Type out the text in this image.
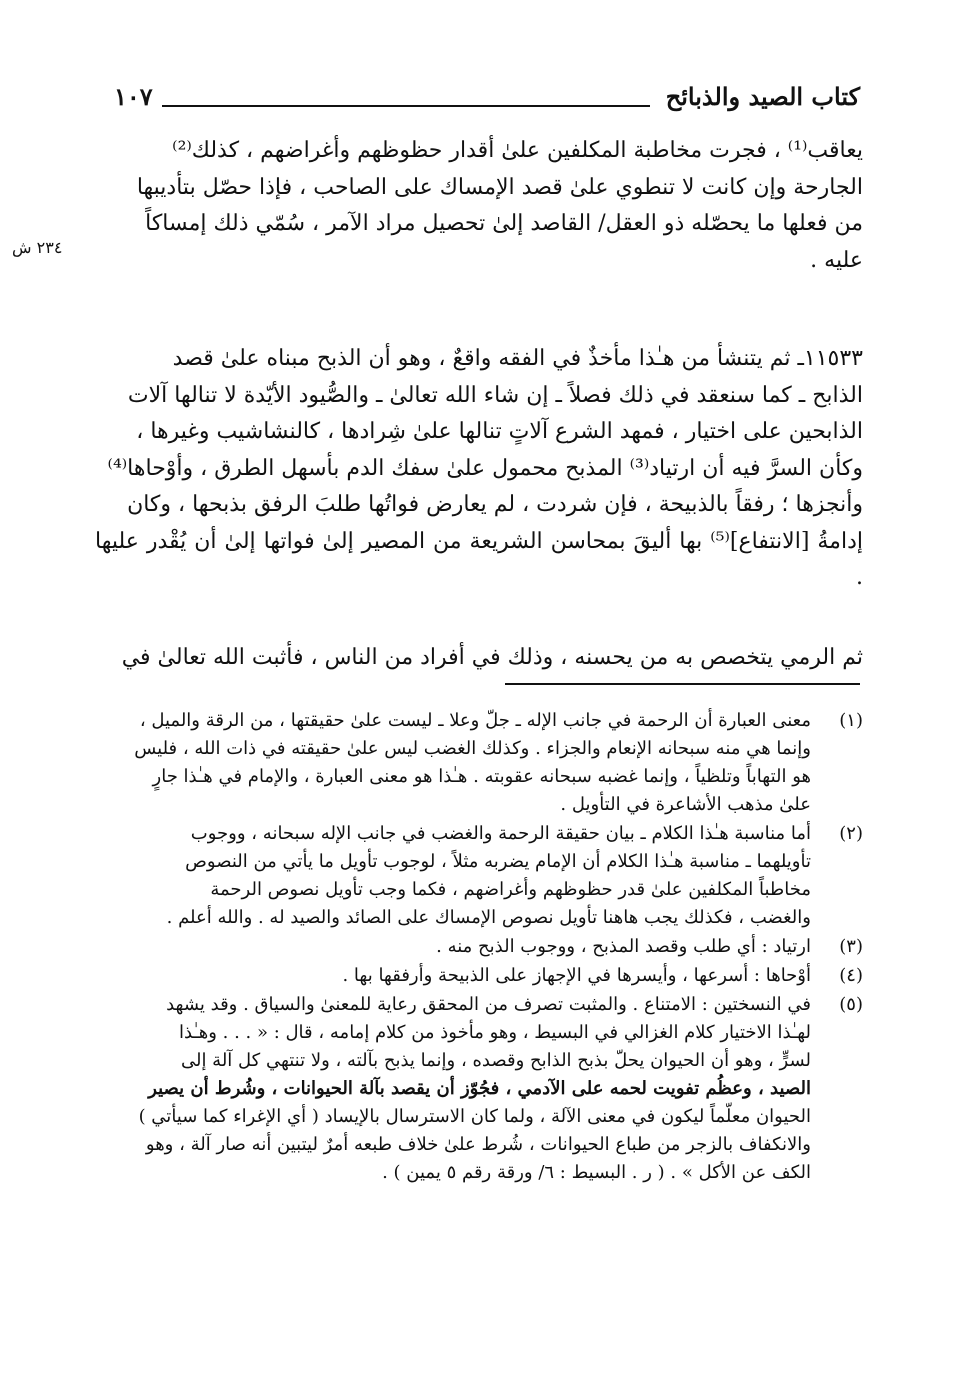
كتاب الصيد والذبائح
١٠٧
٢٣٤ ش

يعاقب⁽¹⁾ ، فجرت مخاطبة المكلفين علىٰ أقدار حظوظهم وأغراضهم ، كذلك⁽²⁾

الجارحة وإن كانت لا تنطوي علىٰ قصد الإمساك على الصاحب ، فإذا حصّل بتأديبها

من فعلها ما يحصّله ذو العقل/ القاصد إلىٰ تحصيل مراد الآمر ، سُمّي ذلك إمساكاً

عليه .

١١٥٣٣ـ ثم يتنشأ من هـٰذا مأخذٌ في الفقه واقعٌ ، وهو أن الذبح مبناه علىٰ قصد

الذابح ـ كما سنعقد في ذلك فصلاً ـ إن شاء الله تعالىٰ ـ والصُّيود الأيّدة لا تنالها آلات

الذابحين على اختيار ، فمهد الشرع آلاتٍ تنالها علىٰ شِرادها ، كالنشاشيب وغيرها ،

وكأن السرَّ فيه أن ارتياد⁽³⁾ المذبح محمول علىٰ سفك الدم بأسهل الطرق ، وأوْحاها⁽⁴⁾

وأنجزها ؛ رفقاً بالذبيحة ، فإن شردت ، لم يعارض فواتُها طلبَ الرفق بذبحها ، وكان

إدامةُ [الانتفاع]⁽⁵⁾ بها أليقَ بمحاسن الشريعة من المصير إلىٰ فواتها إلىٰ أن يُقْدر عليها .

ثم الرمي يتخصص به من يحسنه ، وذلك في أفراد من الناس ، فأثبت الله تعالىٰ في

(١)
معنى العبارة أن الرحمة في جانب الإله ـ جلّ وعلا ـ ليست علىٰ حقيقتها ، من الرقة والميل ،
وإنما هي منه سبحانه الإنعام والجزاء . وكذلك الغضب ليس علىٰ حقيقته في ذات الله ، فليس
هو التهاباً وتلظياً ، وإنما غضبه سبحانه عقوبته . هـٰذا هو معنى العبارة ، والإمام في هـٰذا جارٍ
علىٰ مذهب الأشاعرة في التأويل .
(٢)
أما مناسبة هـٰذا الكلام ـ بيان حقيقة الرحمة والغضب في جانب الإله سبحانه ، ووجوب
تأويلهما ـ مناسبة هـٰذا الكلام أن الإمام يضربه مثلاً ، لوجوب تأويل ما يأتي من النصوص
مخاطباً المكلفين علىٰ قدر حظوظهم وأغراضهم ، فكما وجب تأويل نصوص الرحمة
والغضب ، فكذلك يجب هاهنا تأويل نصوص الإمساك على الصائد والصيد له . والله أعلم .
(٣)
ارتياد : أي طلب وقصد المذبح ، ووجوب الذبح منه .
(٤)
أوْحاها : أسرعها ، وأيسرها في الإجهاز على الذبيحة وأرفقها بها .
(٥)
في النسختين : الامتناع . والمثبت تصرف من المحقق رعاية للمعنىٰ والسياق . وقد يشهد
لهـٰذا الاختيار كلام الغزالي في البسيط ، وهو مأخوذ من كلام إمامه ، قال : « . . . وهـٰذا
لسرٍّ ، وهو أن الحيوان يحلّ بذبح الذابح وقصده ، وإنما يذبح بآلته ، ولا تنتهي كل آلة إلى
الصيد ، وعظُم تفويت لحمه على الآدمي ، فجُوّز أن يقصد بآلة الحيوانات ، وشُرط أن يصير
الحيوان معلّماً ليكون في معنى الآلة ، ولما كان الاسترسال بالإيساد ( أي الإغراء كما سيأتي )
والانكفاف بالزجر من طباع الحيوانات ، شُرط علىٰ خلاف طبعه أمرٌ ليتبين أنه صار آلة ، وهو
الكف عن الأكل » . ( ر . البسيط : ٦/ ورقة رقم ٥ يمين ) .
